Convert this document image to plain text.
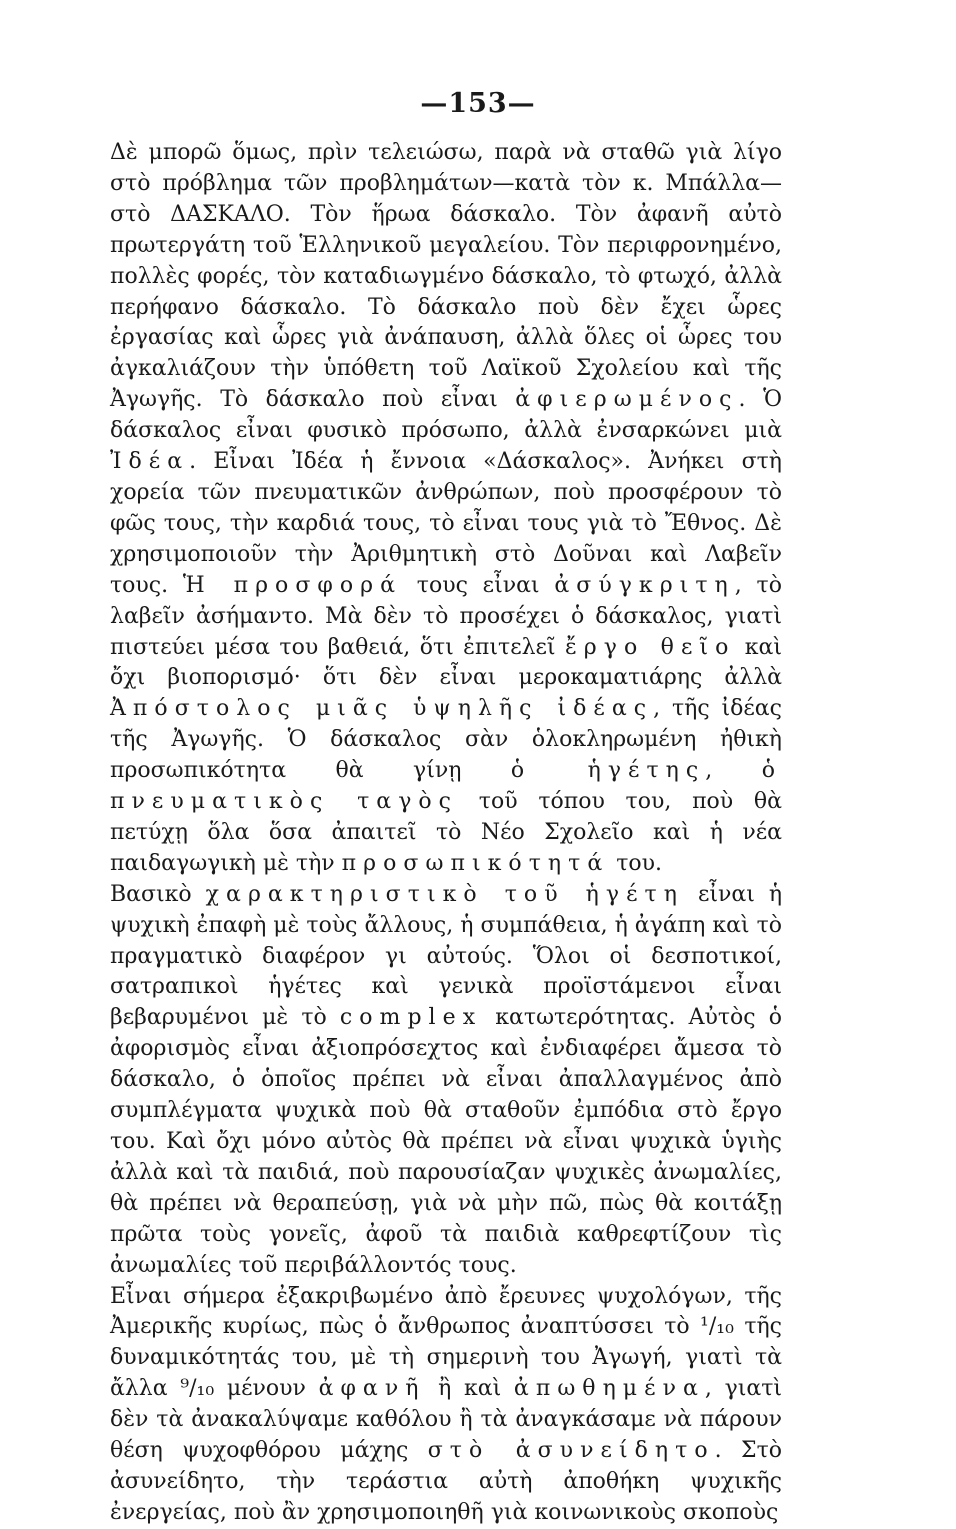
—153—

Δὲ μπορῶ ὅμως, πρὶν τελειώσω, παρὰ νὰ σταθῶ γιὰ λίγο στὸ πρόβλημα τῶν προβλημάτων—κατὰ τὸν κ. Μπάλλα—στὸ ΔΑΣΚΑΛΟ. Τὸν ἥρωα δάσκαλο. Τὸν ἀφανῆ αὐτὸ πρωτεργάτη τοῦ Ἑλληνικοῦ μεγαλείου. Τὸν περιφρονημένο, πολλὲς φορές, τὸν καταδιωγμένο δάσκαλο, τὸ φτωχό, ἀλλὰ περήφανο δάσκαλο. Τὸ δάσκαλο ποὺ δὲν ἔχει ὧρες ἐργασίας καὶ ὧρες γιὰ ἀνάπαυση, ἀλλὰ ὅλες οἱ ὧρες του ἀγκαλιάζουν τὴν ὑπόθετη τοῦ Λαϊκοῦ Σχολείου καὶ τῆς Ἀγωγῆς. Τὸ δάσκαλο ποὺ εἶναι ἀφιερωμένος. Ὁ δάσκαλος εἶναι φυσικὸ πρόσωπο, ἀλλὰ ἐνσαρκώνει μιὰ Ἰδέα. Εἶναι Ἰδέα ἡ ἔννοια «Δάσκαλος». Ἀνήκει στὴ χορεία τῶν πνευματικῶν ἀνθρώπων, ποὺ προσφέρουν τὸ φῶς τους, τὴν καρδιά τους, τὸ εἶναι τους γιὰ τὸ Ἔθνος. Δὲ χρησιμοποιοῦν τὴν Ἀριθμητικὴ στὸ Δοῦναι καὶ Λαβεῖν τους. Ἡ προσφορά τους εἶναι ἀσύγκριτη, τὸ λαβεῖν ἀσήμαντο. Μὰ δὲν τὸ προσέχει ὁ δάσκαλος, γιατὶ πιστεύει μέσα του βαθειά, ὅτι ἐπιτελεῖ ἔργο θεῖο καὶ ὄχι βιοπορισμό· ὅτι δὲν εἶναι μεροκαματιάρης ἀλλὰ Ἀπόστολος μιᾶς ὑψηλῆς ἰδέας, τῆς ἰδέας τῆς Ἀγωγῆς. Ὁ δάσκαλος σὰν ὁλοκληρωμένη ἠθικὴ προσωπικότητα θὰ γίνῃ ὁ ἡγέτης, ὁ πνευματικὸς ταγὸς τοῦ τόπου του, ποὺ θὰ πετύχῃ ὅλα ὅσα ἀπαιτεῖ τὸ Νέο Σχολεῖο καὶ ἡ νέα παιδαγωγικὴ μὲ τὴν προσωπικότητά του.

Βασικὸ χαρακτηριστικὸ τοῦ ἡγέτη εἶναι ἡ ψυχικὴ ἐπαφὴ μὲ τοὺς ἄλλους, ἡ συμπάθεια, ἡ ἀγάπη καὶ τὸ πραγματικὸ διαφέρον γι αὐτούς. Ὅλοι οἱ δεσποτικοί, σατραπικοὶ ἡγέτες καὶ γενικὰ προϊστάμενοι εἶναι βεβαρυμένοι μὲ τὸ complex κατωτερότητας. Αὐτὸς ὁ ἀφορισμὸς εἶναι ἀξιοπρόσεχτος καὶ ἐνδιαφέρει ἄμεσα τὸ δάσκαλο, ὁ ὁποῖος πρέπει νὰ εἶναι ἀπαλλαγμένος ἀπὸ συμπλέγματα ψυχικὰ ποὺ θὰ σταθοῦν ἐμπόδια στὸ ἔργο του. Καὶ ὄχι μόνο αὐτὸς θὰ πρέπει νὰ εἶναι ψυχικὰ ὑγιὴς ἀλλὰ καὶ τὰ παιδιά, ποὺ παρουσίαζαν ψυχικὲς ἀνωμαλίες, θὰ πρέπει νὰ θεραπεύσῃ, γιὰ νὰ μὴν πῶ, πὼς θὰ κοιτάξῃ πρῶτα τοὺς γονεῖς, ἀφοῦ τὰ παιδιὰ καθρεφτίζουν τὶς ἀνωμαλίες τοῦ περιβάλλοντός τους.

Εἶναι σήμερα ἐξακριβωμένο ἀπὸ ἔρευνες ψυχολόγων, τῆς Ἀμερικῆς κυρίως, πὼς ὁ ἄνθρωπος ἀναπτύσσει τὸ ¹/₁₀ τῆς δυναμικότητάς του, μὲ τὴ σημερινὴ του Ἀγωγή, γιατὶ τὰ ἄλλα ⁹/₁₀ μένουν ἀφανῆ ἢ καὶ ἀπωθημένα, γιατὶ δὲν τὰ ἀνακαλύψαμε καθόλου ἢ τὰ ἀναγκάσαμε νὰ πάρουν θέση ψυχοφθόρου μάχης στὸ ἀσυνείδητο. Στὸ ἀσυνείδητο, τὴν τεράστια αὐτὴ ἀποθήκη ψυχικῆς ἐνεργείας, ποὺ ἂν χρησιμοποιηθῆ γιὰ κοινωνικοὺς σκοποὺς
